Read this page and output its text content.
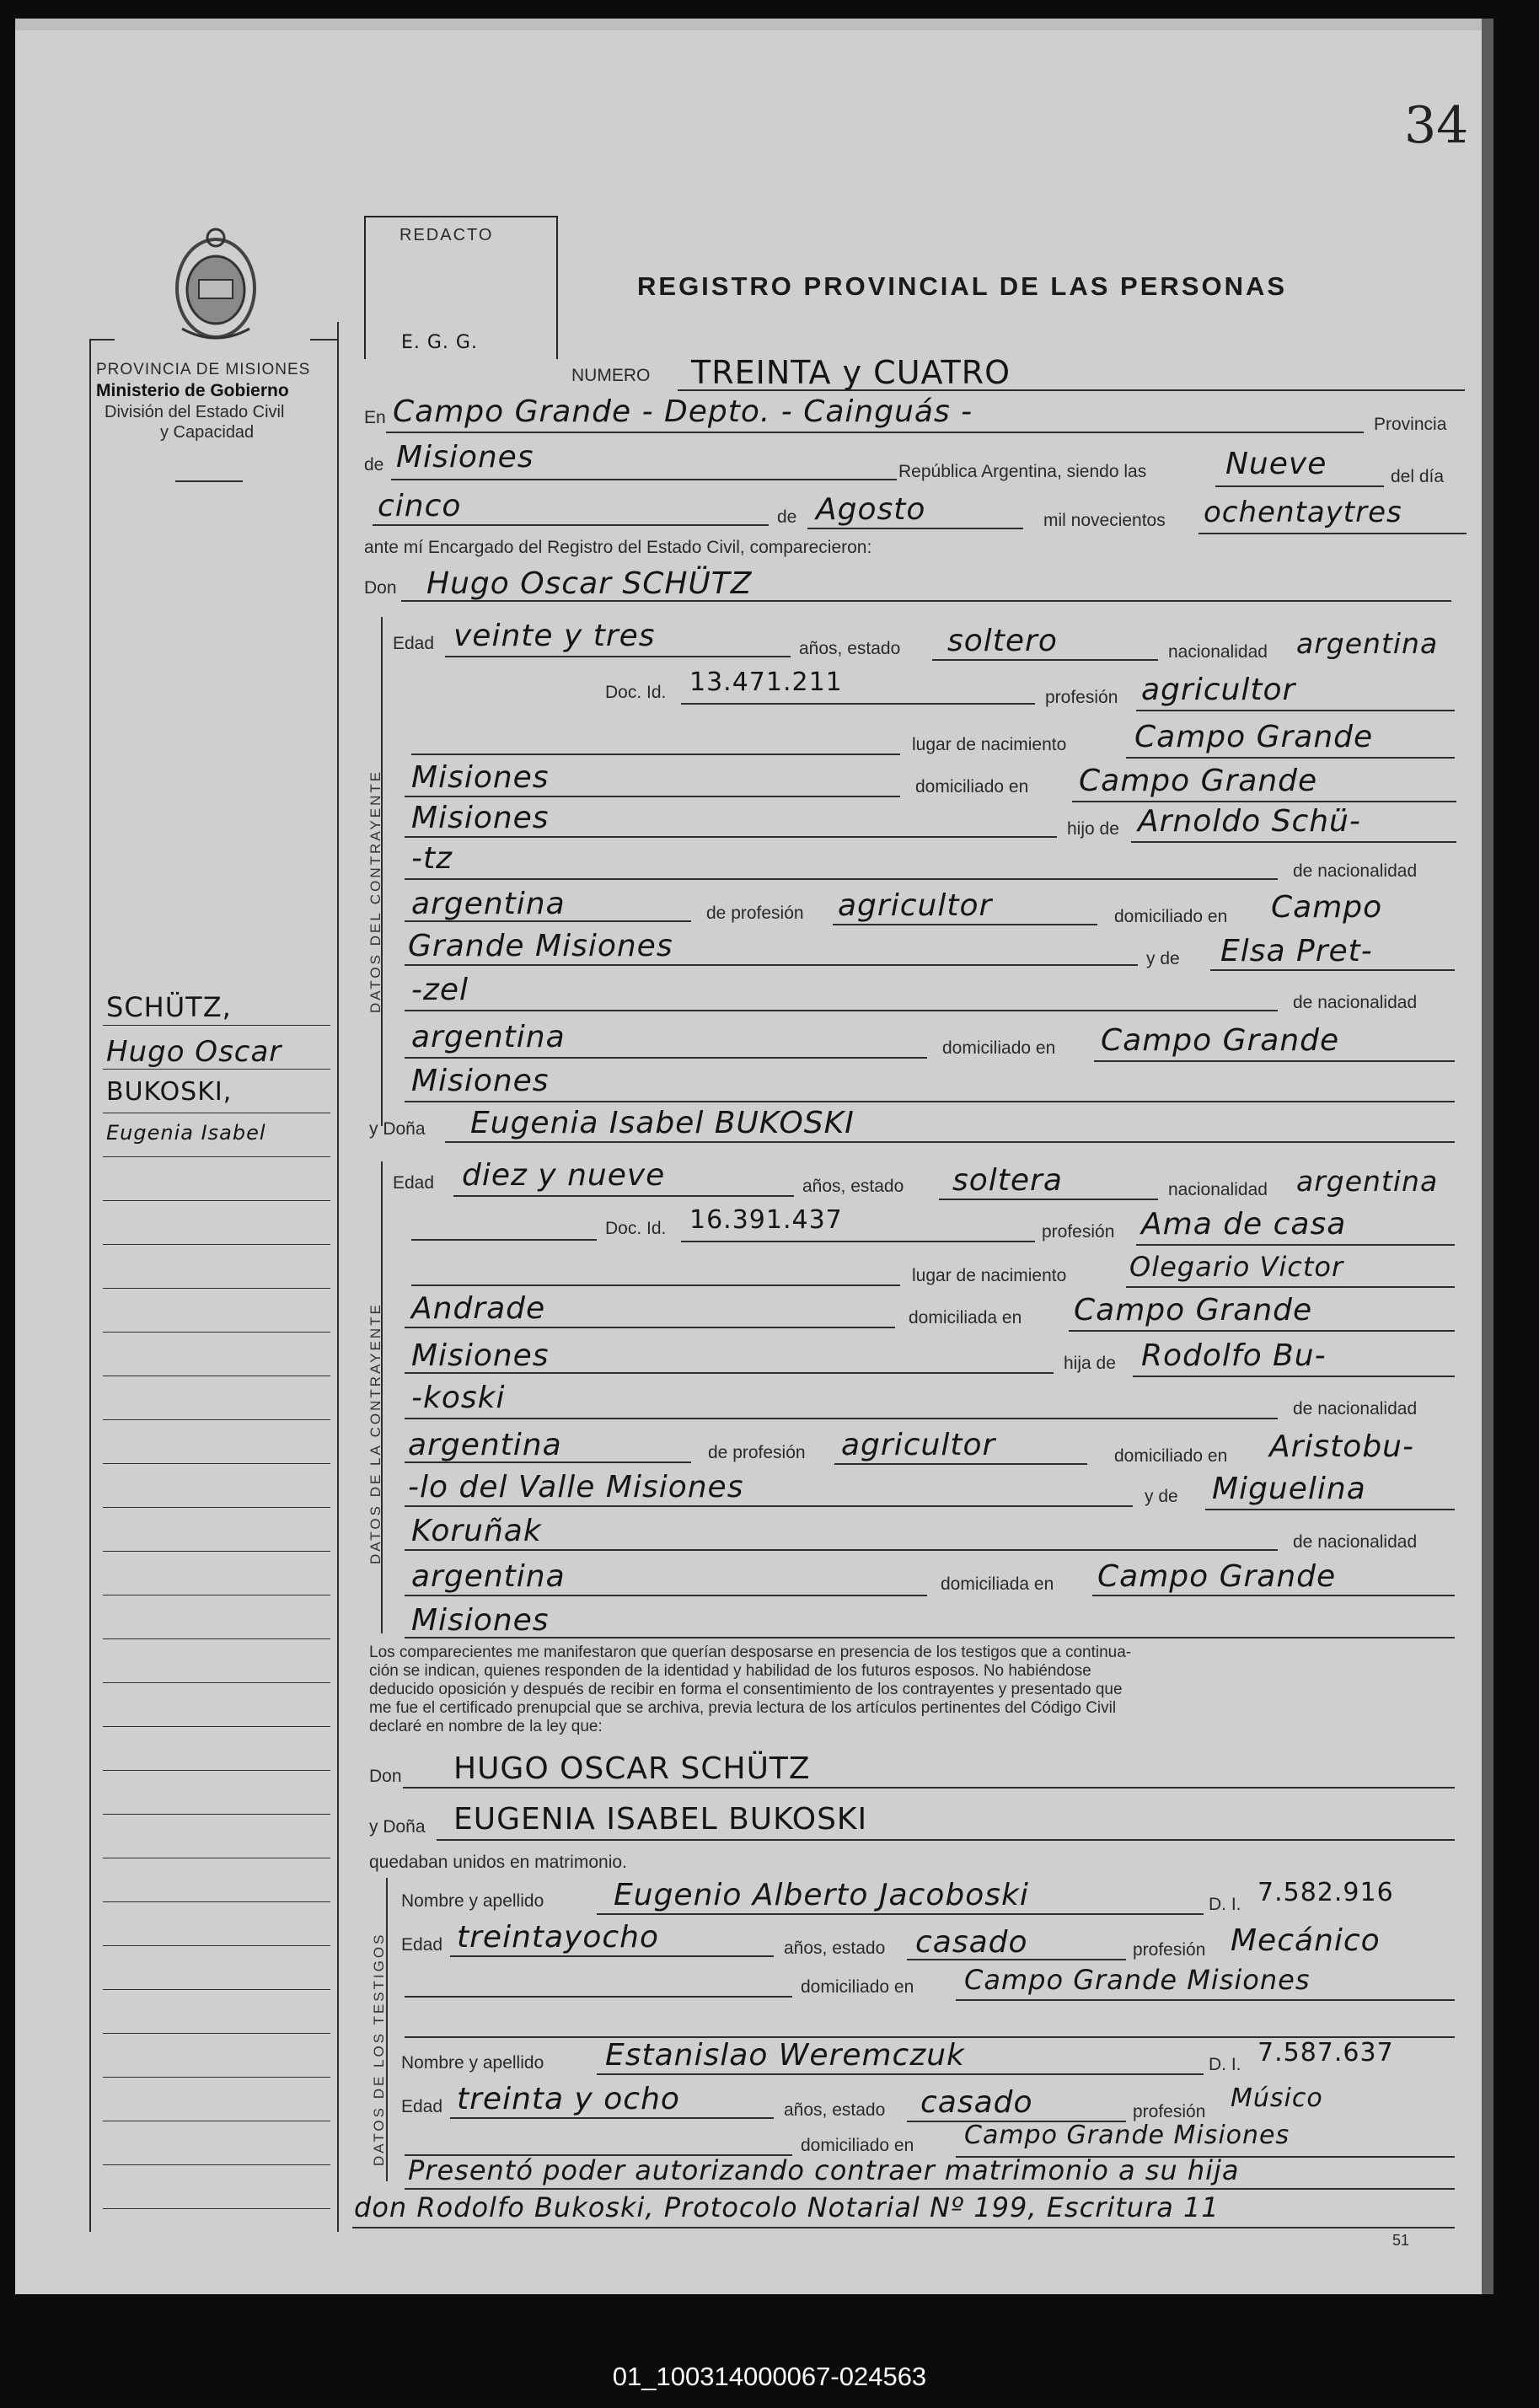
34
PROVINCIA DE MISIONES
Ministerio de Gobierno
División del Estado Civil
y Capacidad
REDACTO
E. G. G.
REGISTRO PROVINCIAL DE LAS PERSONAS
NUMERO TREINTA y CUATRO
En Campo Grande - Depto. - Cainguás -	Provincia
de Misiones	República Argentina, siendo las	Nueve	del día
cinco	de Agosto	mil novecientos ochentaytres
ante mí Encargado del Registro del Estado Civil, comparecieron:
Don Hugo Oscar SCHÜTZ
DATOS DEL CONTRAYENTE
Edad veinte y tres	años, estado soltero	nacionalidad argentina
Doc. Id. 13.471.211
profesión agricultor
lugar de nacimiento Campo Grande
Misiones	domiciliado en Campo Grande
Misiones	hijo de Arnoldo Schü-
-tz	de nacionalidad
argentina	de profesión agricultor	domiciliado en Campo
Grande Misiones	y de Elsa Pret-
-zel	de nacionalidad
argentina	domiciliado en Campo Grande
Misiones
y Doña Eugenia Isabel BUKOSKI
DATOS DE LA CONTRAYENTE
Edad diez y nueve	años, estado soltera	nacionalidad argentina
Doc. Id. 16.391.437	profesión Ama de casa
lugar de nacimiento Olegario Victor
Andrade	domiciliada en Campo Grande
Misiones	hija de Rodolfo Bu-
-koski	de nacionalidad
argentina	de profesión agricultor	domiciliado en Aristobu-
-lo del Valle Misiones	y de Miguelina
Koruñak	de nacionalidad
argentina	domiciliada en Campo Grande
Misiones
Los comparecientes me manifestaron que querían desposarse en presencia de los testigos que a continua-
ción se indican, quienes responden de la identidad y habilidad de los futuros esposos. No habiéndose
deducido oposición y después de recibir en forma el consentimiento de los contrayentes y presentado que
me fue el certificado prenupcial que se archiva, previa lectura de los artículos pertinentes del Código Civil
declaré en nombre de la ley que:
Don HUGO OSCAR SCHÜTZ
y Doña EUGENIA ISABEL BUKOSKI
quedaban unidos en matrimonio.
DATOS DE LOS TESTIGOS
Nombre y apellido Eugenio Alberto Jacoboski	D. I. 7.582.916
Edad treintayocho	años, estado casado	profesión Mecánico
domiciliado en Campo Grande Misiones
Nombre y apellido Estanislao Weremczuk	D. I. 7.587.637
Edad treinta y ocho	años, estado casado	profesión Músico
domiciliado en Campo Grande Misiones
Presentó poder autorizando contraer matrimonio a su hija
don Rodolfo Bukoski, Protocolo Notarial Nº 199, Escritura 11
51
SCHÜTZ,
Hugo Oscar
BUKOSKI,
Eugenia Isabel
01_100314000067-024563
